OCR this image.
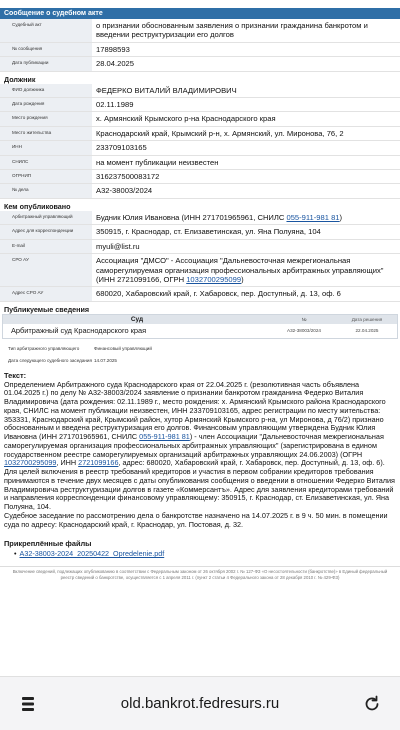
Сообщение о судебном акте
Судебный акт	о признании обоснованным заявления о признании гражданина банкротом и введении реструктуризации его долгов
№ сообщения	17898593
Дата публикации	28.04.2025
Должник
ФИО должника	ФЕДЕРКО ВИТАЛИЙ ВЛАДИМИРОВИЧ
Дата рождения	02.11.1989
Место рождения	х. Армянский Крымского р-на Краснодарского края
Место жительства	Краснодарский край, Крымский р-н, х. Армянский, ул. Миронова, 76, 2
ИНН	233709103165
СНИЛС	на момент публикации неизвестен
ОГРНИП	316237500083172
№ дела	А32-38003/2024
Кем опубликовано
Арбитражный управляющий	Будник Юлия Ивановна (ИНН 271701965961, СНИЛС 055-911-981 81)
Адрес для корреспонденции	350915, г. Краснодар, ст. Елизаветинская, ул. Яна Полуяна, 104
E-mail	myuli@list.ru
СРО АУ	Ассоциация "ДМСО" - Ассоциация "Дальневосточная межрегиональная саморегулируемая организация профессиональных арбитражных управляющих" (ИНН 2721099166, ОГРН 1032700295099)
Адрес СРО АУ	680020, Хабаровский край, г. Хабаровск, пер. Доступный, д. 13, оф. 6
Публикуемые сведения
Суд	№	Дата решения
Арбитражный суд Краснодарского края	А32-38003/2024	22.04.2025
Тип арбитражного управляющего	Финансовый управляющий
Дата следующего судебного заседания 14.07.2025
Текст:
Определением Арбитражного суда Краснодарского края от 22.04.2025 г. (резолютивная часть объявлена 01.04.2025 г.) по делу № А32-38003/2024 заявление о признании банкротом гражданина Федерко Виталия Владимировича (дата рождения: 02.11.1989 г., место рождения: х. Армянский Крымского района Краснодарского края, СНИЛС на момент публикации неизвестен, ИНН 233709103165, адрес регистрации по месту жительства: 353331, Краснодарский край, Крымский район, хутор Армянский Крымского р-на, ул Миронова, д 76/2) признано обоснованным и введена реструктуризация его долгов. Финансовым управляющим утверждена Будник Юлия Ивановна (ИНН 271701965961, СНИЛС 055-911-981 81) - член Ассоциации "Дальневосточная межрегиональная саморегулируемая организация профессиональных арбитражных управляющих" (зарегистрирована в едином государственном реестре саморегулируемых организаций арбитражных управляющих 24.06.2003) (ОГРН 1032700295099, ИНН 2721099166, адрес: 680020, Хабаровский край, г. Хабаровск, пер. Доступный, д. 13, оф. 6).
Для целей включения в реестр требований кредиторов и участия в первом собрании кредиторов требования принимаются в течение двух месяцев с даты опубликования сообщения о введении в отношении Федерко Виталия Владимировича реструктуризации долгов в газете «Коммерсантъ». Адрес для заявления кредиторами требований и направления корреспонденции финансовому управляющему: 350915, г. Краснодар, ст. Елизаветинская, ул. Яна Полуяна, 104.
Судебное заседание по рассмотрению дела о банкротстве назначено на 14.07.2025 г. в 9 ч. 50 мин. в помещении суда по адресу: Краснодарский край, г. Краснодар, ул. Постовая, д. 32.
Прикреплённые файлы
• А32-38003-2024_20250422_Opredelenie.pdf
Включение сведений, подлежащих опубликованию в соответствии с Федеральным законом от 26 октября 2002 г. № 127-ФЗ «О несостоятельности (банкротстве)» в Единый федеральный реестр сведений о банкротстве, осуществляется с 1 апреля 2011 г. (пункт 2 статьи 4 Федерального закона от 28 декабря 2010 г. № 429-ФЗ)
old.bankrot.fedresurs.ru
